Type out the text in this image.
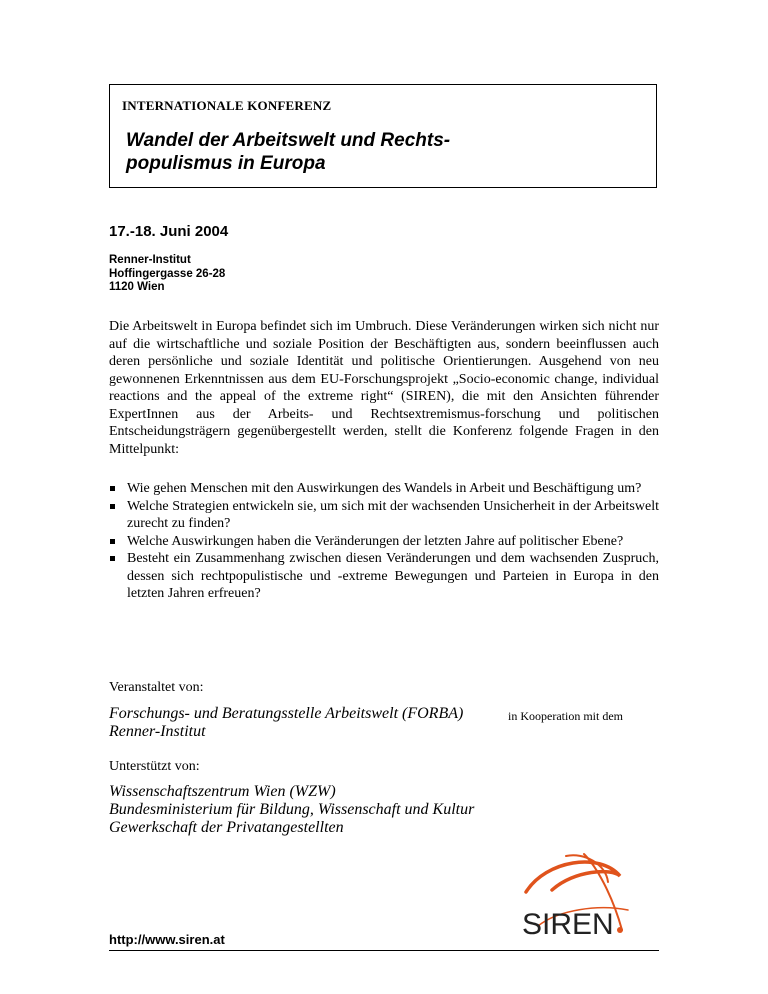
INTERNATIONALE KONFERENZ
Wandel der Arbeitswelt und Rechts-
populismus in Europa
17.-18. Juni 2004
Renner-Institut
Hoffingergasse 26-28
1120 Wien

Die Arbeitswelt in Europa befindet sich im Umbruch. Diese Veränderungen wirken sich nicht nur auf die wirtschaftliche und soziale Position der Beschäftigten aus, sondern beeinflussen auch deren persönliche und soziale Identität und politische Orientierungen. Ausgehend von neu gewonnenen Erkenntnissen aus dem EU-Forschungsprojekt „Socio-economic change, individual reactions and the appeal of the extreme right“ (SIREN), die mit den Ansichten führender ExpertInnen aus der Arbeits- und Rechtsextremismus-forschung und politischen Entscheidungsträgern gegenübergestellt werden, stellt die Konferenz folgende Fragen in den Mittelpunkt:

Wie gehen Menschen mit den Auswirkungen des Wandels in Arbeit und Beschäftigung um?
Welche Strategien entwickeln sie, um sich mit der wachsenden Unsicherheit in der Arbeitswelt zurecht zu finden?
Welche Auswirkungen haben die Veränderungen der letzten Jahre auf politischer Ebene?
Besteht ein Zusammenhang zwischen diesen Veränderungen und dem wachsenden Zuspruch, dessen sich rechtpopulistische und -extreme Bewegungen und Parteien in Europa in den letzten Jahren erfreuen?
Veranstaltet von:
Forschungs- und Beratungsstelle Arbeitswelt (FORBA)	in Kooperation mit dem
Renner-Institut
Unterstützt von:
Wissenschaftszentrum Wien (WZW)
Bundesministerium für Bildung, Wissenschaft und Kultur
Gewerkschaft der Privatangestellten
SIREN
http://www.siren.at
